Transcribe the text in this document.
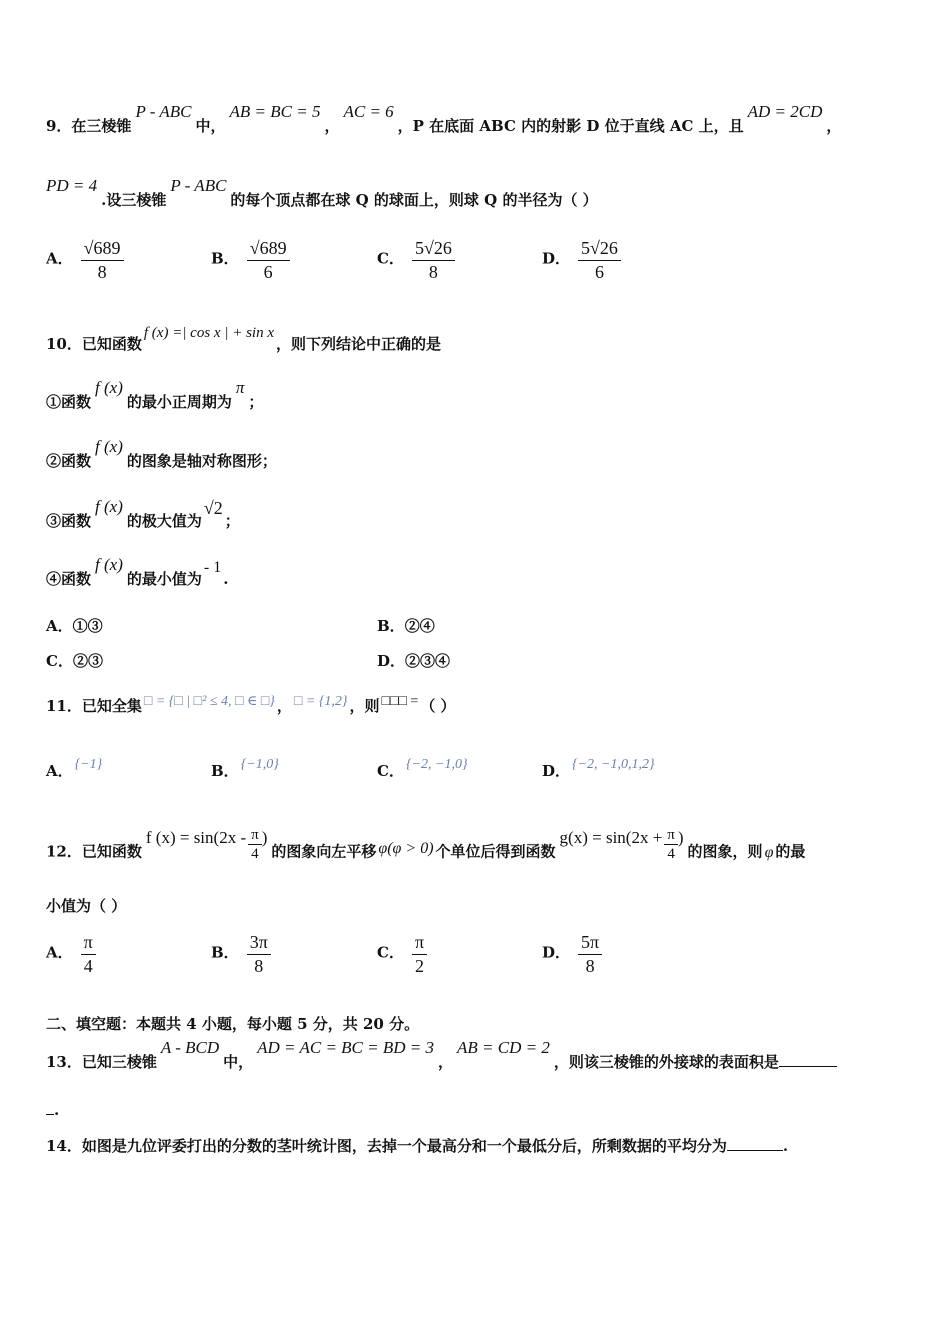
9．在三棱锥P - ABC中，AB = BC = 5，AC = 6，P 在底面 ABC 内的射影 D 位于直线 AC 上，且AD = 2CD，
PD = 4.设三棱锥P - ABC的每个顶点都在球 Q 的球面上，则球 Q 的半径为（ ）
A． $\frac{√689}{8}$	B． $\frac{√689}{6}$	C． $\frac{5√26}{8}$	D． $\frac{5√26}{6}$
10．已知函数f (x) =| cos x | + sin x，则下列结论中正确的是
①函数f (x)的最小正周期为π；
②函数f (x)的图象是轴对称图形；
③函数f (x)的极大值为√2；
④函数f (x)的最小值为- 1.
A．①③	B．②④
C．②③	D．②③④
11．已知全集 □ = {□ | □² ≤ 4, □ ∈ □} ， □ = {1,2} ，则 □□□ = （ ）
A． {−1}	B． {−1,0}	C． {−2, −1,0}	D． {−2, −1,0,1,2}
12．已知函数f $(x) = \sin(2x - \frac{\pi}{4}$ )的图象向左平移 φ(φ > 0) 个单位后得到函数$g(x) = \sin(2x + \frac{\pi}{4}$ )的图象，则 φ 的最
小值为（ ）
A． $\frac{\pi}{4}$	B． $\frac{3\pi}{8}$	C． $\frac{\pi}{2}$	D． $\frac{5\pi}{8}$
二、填空题：本题共 4 小题，每小题 5 分，共 20 分。
13．已知三棱锥A - BCD中，AD = AC = BC = BD = 3，AB = CD = 2，则该三棱锥的外接球的表面积是
.
14．如图是九位评委打出的分数的茎叶统计图，去掉一个最高分和一个最低分后，所剩数据的平均分为	.
